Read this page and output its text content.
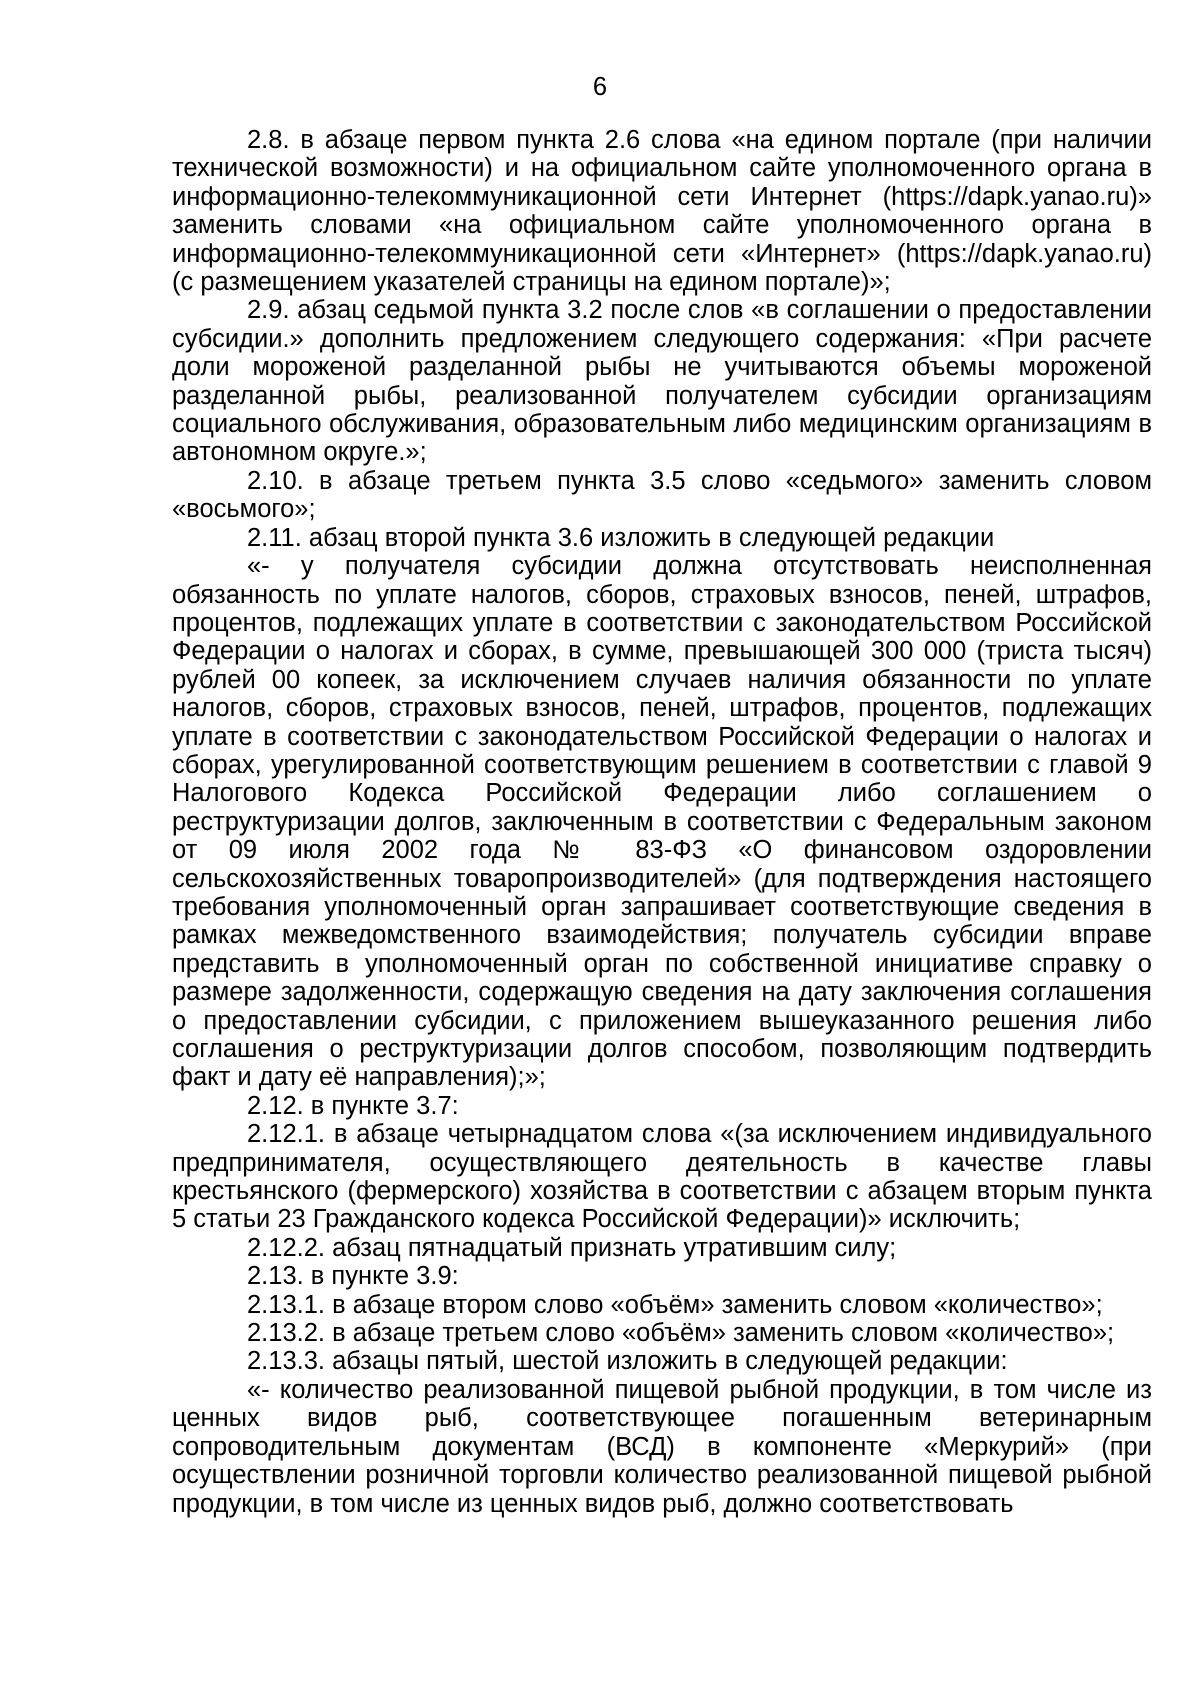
6

2.8. в абзаце первом пункта 2.6 слова «на едином портале (при наличии технической возможности) и на официальном сайте уполномоченного органа в информационно-телекоммуникационной сети Интернет (https://dapk.yanao.ru)» заменить словами «на официальном сайте уполномоченного органа в информационно-телекоммуникационной сети «Интернет» (https://dapk.yanao.ru) (с размещением указателей страницы на едином портале)»;

2.9. абзац седьмой пункта 3.2 после слов «в соглашении о предоставлении субсидии.» дополнить предложением следующего содержания: «При расчете доли мороженой разделанной рыбы не учитываются объемы мороженой разделанной рыбы, реализованной получателем субсидии организациям социального обслуживания, образовательным либо медицинским организациям в автономном округе.»;

2.10. в абзаце третьем пункта 3.5 слово «седьмого» заменить словом «восьмого»;

2.11. абзац второй пункта 3.6 изложить в следующей редакции

«- у получателя субсидии должна отсутствовать неисполненная обязанность по уплате налогов, сборов, страховых взносов, пеней, штрафов, процентов, подлежащих уплате в соответствии с законодательством Российской Федерации о налогах и сборах, в сумме, превышающей 300 000 (триста тысяч) рублей 00 копеек, за исключением случаев наличия обязанности по уплате налогов, сборов, страховых взносов, пеней, штрафов, процентов, подлежащих уплате в соответствии с законодательством Российской Федерации о налогах и сборах, урегулированной соответствующим решением в соответствии с главой 9 Налогового Кодекса Российской Федерации либо соглашением о реструктуризации долгов, заключенным в соответствии с Федеральным законом от 09 июля 2002 года № 83-ФЗ «О финансовом оздоровлении сельскохозяйственных товаропроизводителей» (для подтверждения настоящего требования уполномоченный орган запрашивает соответствующие сведения в рамках межведомственного взаимодействия; получатель субсидии вправе представить в уполномоченный орган по собственной инициативе справку о размере задолженности, содержащую сведения на дату заключения соглашения о предоставлении субсидии, с приложением вышеуказанного решения либо соглашения о реструктуризации долгов способом, позволяющим подтвердить факт и дату её направления);»;

2.12. в пункте 3.7:

2.12.1. в абзаце четырнадцатом слова «(за исключением индивидуального предпринимателя, осуществляющего деятельность в качестве главы крестьянского (фермерского) хозяйства в соответствии с абзацем вторым пункта 5 статьи 23 Гражданского кодекса Российской Федерации)» исключить;

2.12.2. абзац пятнадцатый признать утратившим силу;

2.13. в пункте 3.9:

2.13.1. в абзаце втором слово «объём» заменить словом «количество»;

2.13.2. в абзаце третьем слово «объём» заменить словом «количество»;

2.13.3. абзацы пятый, шестой изложить в следующей редакции:

«- количество реализованной пищевой рыбной продукции, в том числе из ценных видов рыб, соответствующее погашенным ветеринарным сопроводительным документам (ВСД) в компоненте «Меркурий» (при осуществлении розничной торговли количество реализованной пищевой рыбной продукции, в том числе из ценных видов рыб, должно соответствовать
